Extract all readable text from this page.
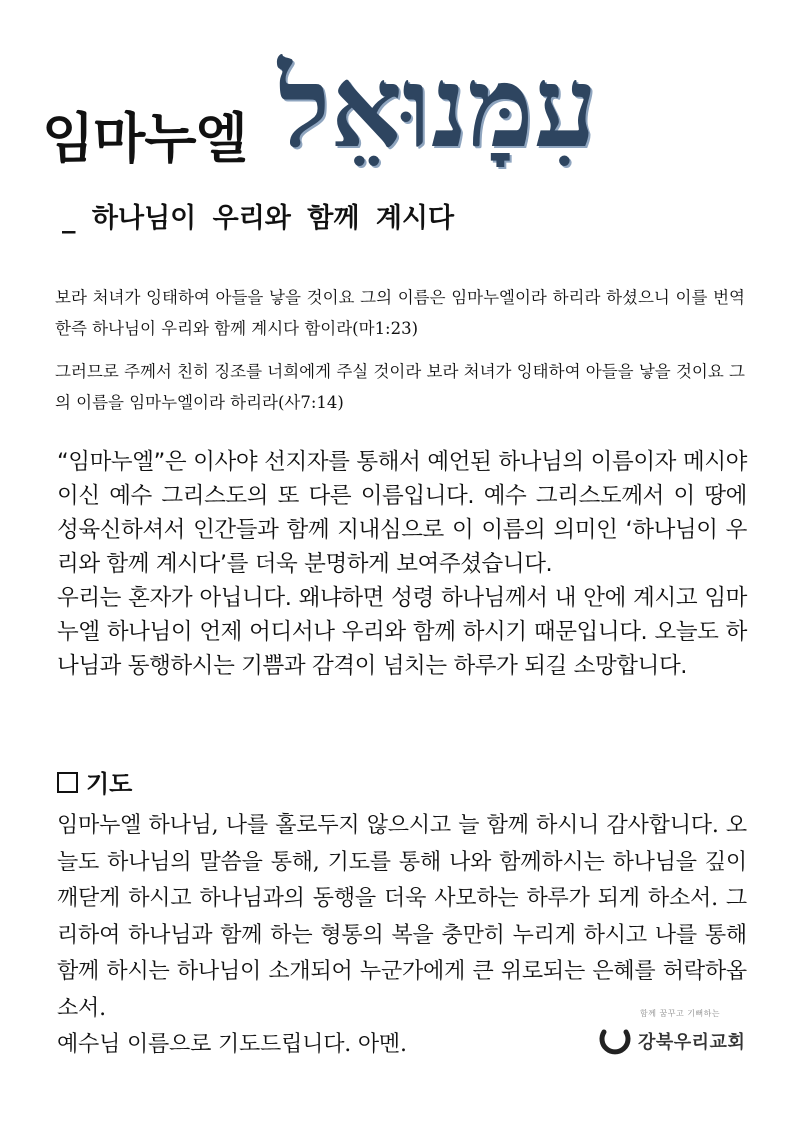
임마누엘 עִמָּנוּאֵל
_ 하나님이 우리와 함께 계시다
보라 처녀가 잉태하여 아들을 낳을 것이요 그의 이름은 임마누엘이라 하리라 하셨으니 이를 번역한즉 하나님이 우리와 함께 계시다 함이라(마1:23)
그러므로 주께서 친히 징조를 너희에게 주실 것이라 보라 처녀가 잉태하여 아들을 낳을 것이요 그의 이름을 임마누엘이라 하리라(사7:14)

“임마누엘”은 이사야 선지자를 통해서 예언된 하나님의 이름이자 메시야이신 예수 그리스도의 또 다른 이름입니다. 예수 그리스도께서 이 땅에 성육신하셔서 인간들과 함께 지내심으로 이 이름의 의미인 ‘하나님이 우리와 함께 계시다’를 더욱 분명하게 보여주셨습니다.

우리는 혼자가 아닙니다. 왜냐하면 성령 하나님께서 내 안에 계시고 임마누엘 하나님이 언제 어디서나 우리와 함께 하시기 때문입니다. 오늘도 하나님과 동행하시는 기쁨과 감격이 넘치는 하루가 되길 소망합니다.

기도

임마누엘 하나님, 나를 홀로두지 않으시고 늘 함께 하시니 감사합니다. 오늘도 하나님의 말씀을 통해, 기도를 통해 나와 함께하시는 하나님을 깊이 깨닫게 하시고 하나님과의 동행을 더욱 사모하는 하루가 되게 하소서. 그리하여 하나님과 함께 하는 형통의 복을 충만히 누리게 하시고 나를 통해 함께 하시는 하나님이 소개되어 누군가에게 큰 위로되는 은혜를 허락하옵소서.

예수님 이름으로 기도드립니다. 아멘.

함께 꿈꾸고 기뻐하는
강북우리교회
